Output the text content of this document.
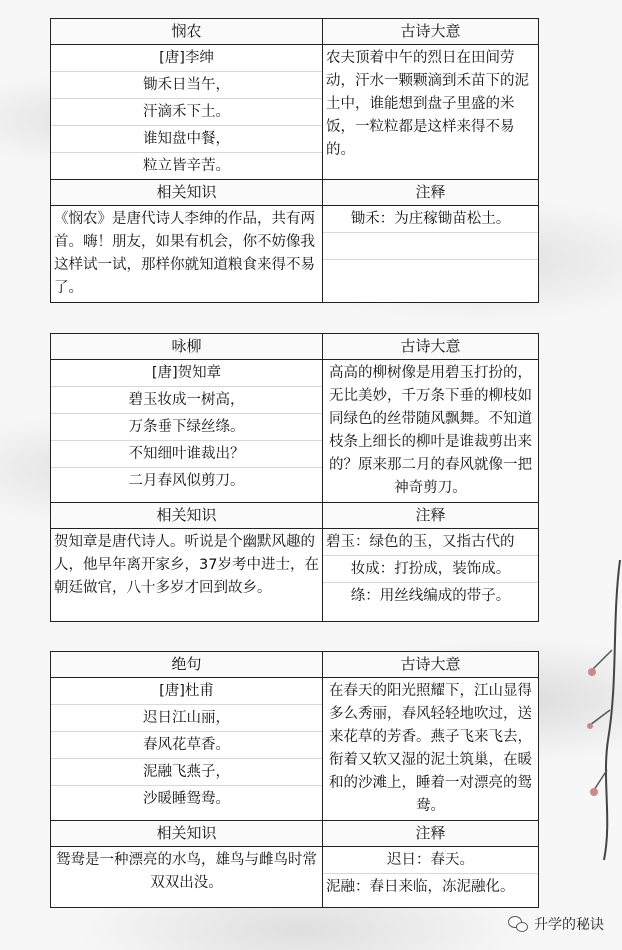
悯农	古诗大意

[唐]李绅
锄禾日当午，
汗滴禾下土。
谁知盘中餐，
粒立皆辛苦。	农夫顶着中午的烈日在田间劳动，汗水一颗颗滴到禾苗下的泥土中，谁能想到盘子里盛的米饭，一粒粒都是这样来得不易的。

相关知识	注释

《悯农》是唐代诗人李绅的作品，共有两首。嗨！朋友，如果有机会，你不妨像我这样试一试，那样你就知道粮食来得不易了。	锄禾：为庄稼锄苗松土。
咏柳	古诗大意

[唐]贺知章
碧玉妆成一树高，
万条垂下绿丝绦。
不知细叶谁裁出？
二月春风似剪刀。	高高的柳树像是用碧玉打扮的，无比美妙，千万条下垂的柳枝如同绿色的丝带随风飘舞。不知道枝条上细长的柳叶是谁裁剪出来的？原来那二月的春风就像一把神奇剪刀。

相关知识	注释

贺知章是唐代诗人。听说是个幽默风趣的人，他早年离开家乡，37岁考中进士，在朝廷做官，八十多岁才回到故乡。	碧玉：绿色的玉，又指古代的
妆成：打扮成，装饰成。
绦：用丝线编成的带子。
绝句	古诗大意

[唐]杜甫
迟日江山丽，
春风花草香。
泥融飞燕子，
沙暖睡鸳鸯。	在春天的阳光照耀下，江山显得多么秀丽，春风轻轻地吹过，送来花草的芳香。燕子飞来飞去，衔着又软又湿的泥土筑巢，在暖和的沙滩上，睡着一对漂亮的鸳鸯。

相关知识	注释

鸳鸯是一种漂亮的水鸟，雄鸟与雌鸟时常双双出没。	迟日：春天。
泥融：春日来临，冻泥融化。
升学的秘诀
